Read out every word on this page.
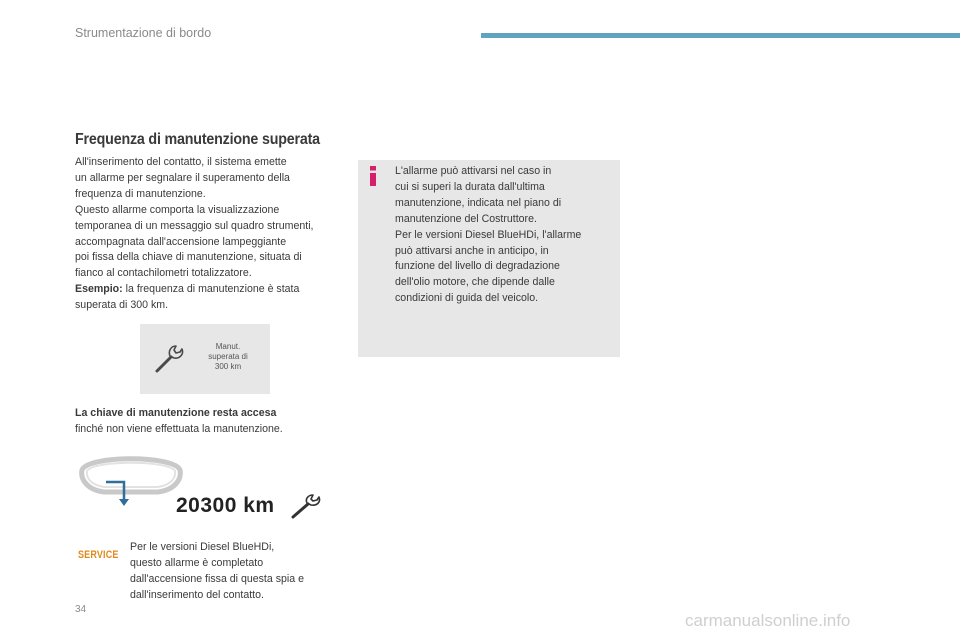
Strumentazione di bordo
Frequenza di manutenzione superata

All'inserimento del contatto, il sistema emette

un allarme per segnalare il superamento della

frequenza di manutenzione.

Questo allarme comporta la visualizzazione

temporanea di un messaggio sul quadro strumenti,

accompagnata dall'accensione lampeggiante

poi fissa della chiave di manutenzione, situata di

fianco al contachilometri totalizzatore.

Esempio: la frequenza di manutenzione è stata

superata di 300 km.

Manut.
superata di
300 km

La chiave di manutenzione resta accesa

finché non viene effettuata la manutenzione.

20300 km
SERVICE

Per le versioni Diesel BlueHDi,

questo allarme è completato

dall'accensione fissa di questa spia e

dall'inserimento del contatto.

L'allarme può attivarsi nel caso in

cui si superi la durata dall'ultima

manutenzione, indicata nel piano di

manutenzione del Costruttore.

Per le versioni Diesel BlueHDi, l'allarme

può attivarsi anche in anticipo, in

funzione del livello di degradazione

dell'olio motore, che dipende dalle

condizioni di guida del veicolo.

34
carmanualsonline.info
